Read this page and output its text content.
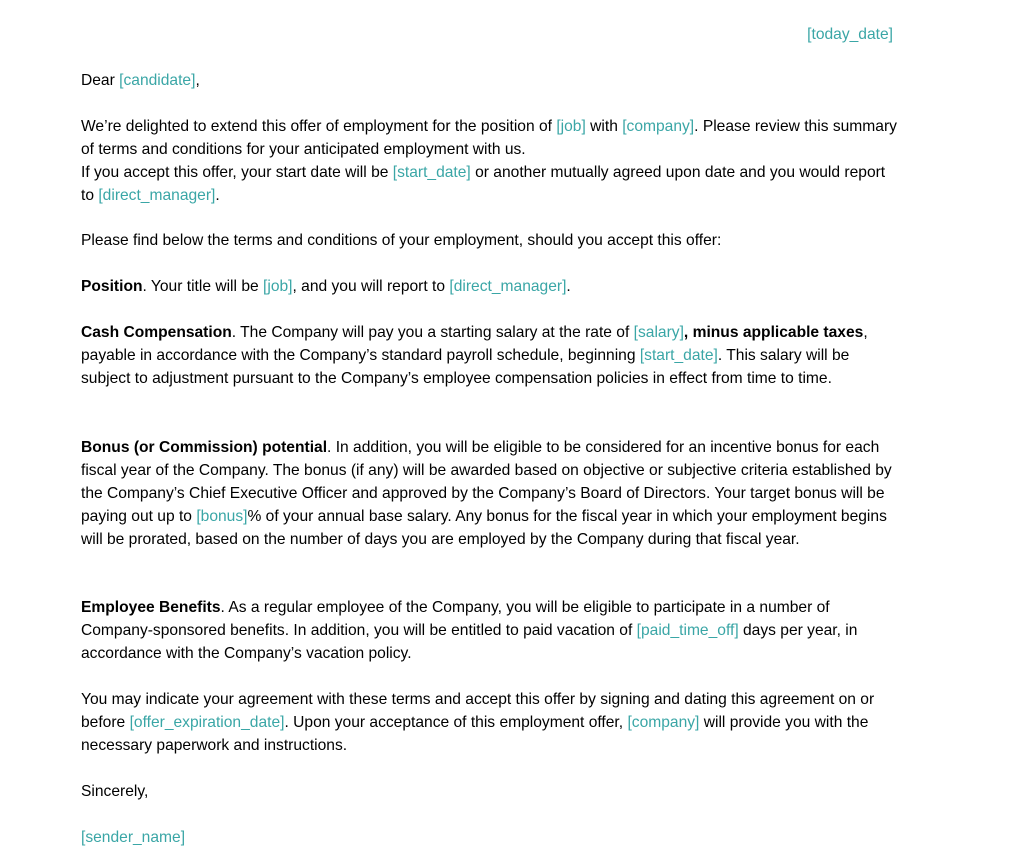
[today_date]

Dear [candidate],

We’re delighted to extend this offer of employment for the position of [job] with [company]. Please review this summary of terms and conditions for your anticipated employment with us.
If you accept this offer, your start date will be [start_date] or another mutually agreed upon date and you would report to [direct_manager].

Please find below the terms and conditions of your employment, should you accept this offer:

Position. Your title will be [job], and you will report to [direct_manager].

Cash Compensation. The Company will pay you a starting salary at the rate of [salary], minus applicable taxes, payable in accordance with the Company’s standard payroll schedule, beginning [start_date]. This salary will be subject to adjustment pursuant to the Company’s employee compensation policies in effect from time to time.

Bonus (or Commission) potential. In addition, you will be eligible to be considered for an incentive bonus for each fiscal year of the Company. The bonus (if any) will be awarded based on objective or subjective criteria established by the Company’s Chief Executive Officer and approved by the Company’s Board of Directors. Your target bonus will be paying out up to [bonus]% of your annual base salary. Any bonus for the fiscal year in which your employment begins will be prorated, based on the number of days you are employed by the Company during that fiscal year.

Employee Benefits. As a regular employee of the Company, you will be eligible to participate in a number of Company-sponsored benefits. In addition, you will be entitled to paid vacation of [paid_time_off] days per year, in accordance with the Company’s vacation policy.

You may indicate your agreement with these terms and accept this offer by signing and dating this agreement on or before [offer_expiration_date]. Upon your acceptance of this employment offer, [company] will provide you with the necessary paperwork and instructions.

Sincerely,

[sender_name]
